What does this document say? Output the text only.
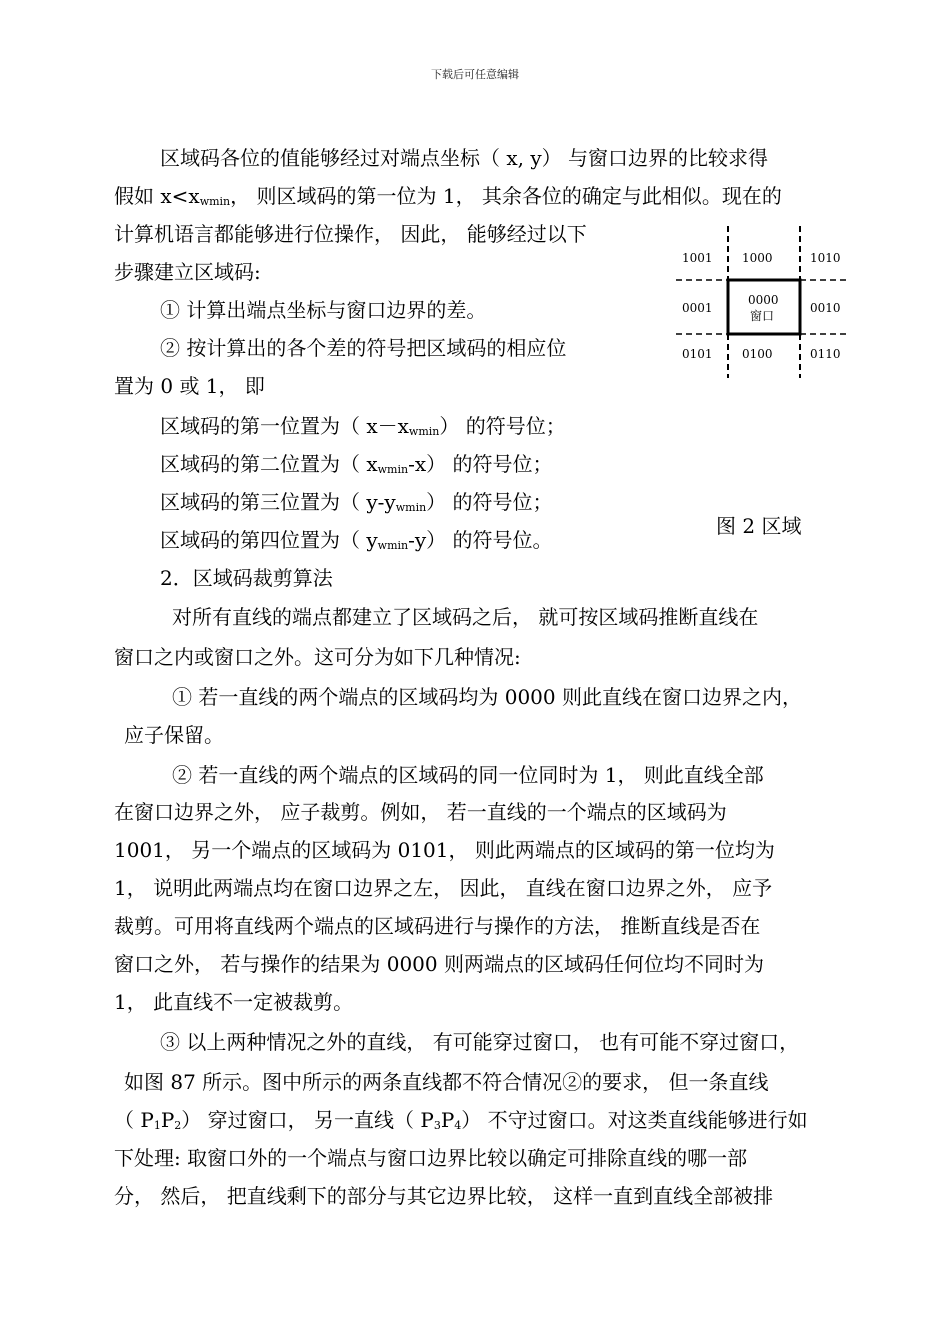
下载后可任意编辑
区域码各位的值能够经过对端点坐标（ x, y） 与窗口边界的比较求得
假如 $x<x_{wmin}$， 则区域码的第一位为 1， 其余各位的确定与此相似。现在的
计算机语言都能够进行位操作， 因此， 能够经过以下
步骤建立区域码:
① 计算出端点坐标与窗口边界的差。
② 按计算出的各个差的符号把区域码的相应位
置为 0 或 1， 即
区域码的第一位置为（ $x-x_{wmin}$） 的符号位；
区域码的第二位置为（ $x_{wmin}-x$） 的符号位；
区域码的第三位置为（ $y-y_{wmin}$） 的符号位；
区域码的第四位置为（ $y_{wmin}-y$） 的符号位。
2．区域码裁剪算法
对所有直线的端点都建立了区域码之后， 就可按区域码推断直线在
窗口之内或窗口之外。这可分为如下几种情况:
① 若一直线的两个端点的区域码均为 0000 则此直线在窗口边界之内，
应子保留。
② 若一直线的两个端点的区域码的同一位同时为 1， 则此直线全部
在窗口边界之外， 应子裁剪。例如， 若一直线的一个端点的区域码为
1001， 另一个端点的区域码为 0101， 则此两端点的区域码的第一位均为
1， 说明此两端点均在窗口边界之左， 因此， 直线在窗口边界之外， 应予
裁剪。可用将直线两个端点的区域码进行与操作的方法， 推断直线是否在
窗口之外， 若与操作的结果为 0000 则两端点的区域码任何位均不同时为
1， 此直线不一定被裁剪。
③ 以上两种情况之外的直线， 有可能穿过窗口， 也有可能不穿过窗口，
如图 87 所示。图中所示的两条直线都不符合情况②的要求， 但一条直线
（ $P_1P_2$） 穿过窗口， 另一直线（ $P_3P_4$） 不守过窗口。对这类直线能够进行如
下处理: 取窗口外的一个端点与窗口边界比较以确定可排除直线的哪一部
分， 然后， 把直线剩下的部分与其它边界比较， 这样一直到直线全部被排
1001 1000	1010
0001
0000
窗口
0010
0101 0100	0110
图 2 区域
